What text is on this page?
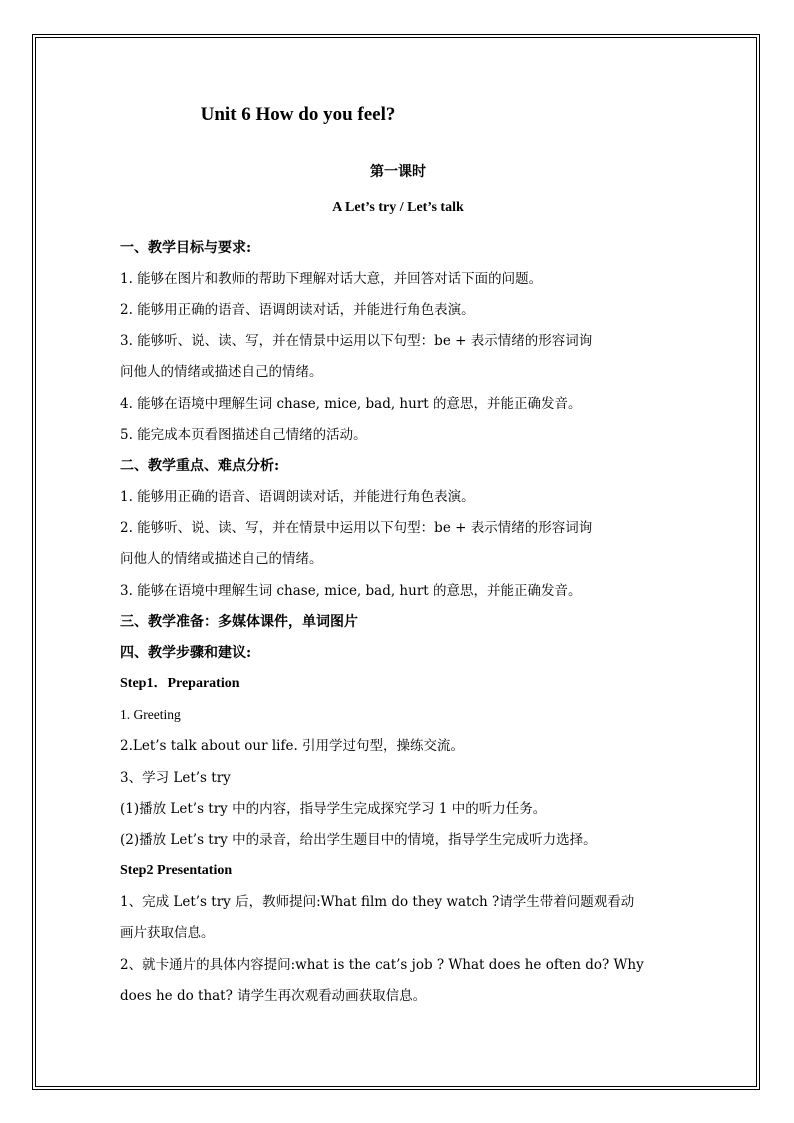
Unit 6 How do you feel?
第一课时
A Let’s try / Let’s talk
一、教学目标与要求:
1. 能够在图片和教师的帮助下理解对话大意，并回答对话下面的问题。
2. 能够用正确的语音、语调朗读对话，并能进行角色表演。
3. 能够听、说、读、写，并在情景中运用以下句型：be + 表示情绪的形容词询
问他人的情绪或描述自己的情绪。
4. 能够在语境中理解生词 chase, mice, bad, hurt 的意思，并能正确发音。
5. 能完成本页看图描述自己情绪的活动。
二、教学重点、难点分析:
1. 能够用正确的语音、语调朗读对话，并能进行角色表演。
2. 能够听、说、读、写，并在情景中运用以下句型：be + 表示情绪的形容词询
问他人的情绪或描述自己的情绪。
3. 能够在语境中理解生词 chase, mice, bad, hurt 的意思，并能正确发音。
三、教学准备：多媒体课件，单词图片
四、教学步骤和建议:
Step1．Preparation
1. Greeting
2.Let’s talk about our life. 引用学过句型，操练交流。
3、学习 Let’s try
(1)播放 Let’s try 中的内容，指导学生完成探究学习 1 中的听力任务。
(2)播放 Let’s try 中的录音，给出学生题目中的情境，指导学生完成听力选择。
Step2 Presentation
1、完成 Let’s try 后，教师提问:What film do they watch ?请学生带着问题观看动
画片获取信息。
2、就卡通片的具体内容提问:what is the cat’s job ? What does he often do? Why
does he do that? 请学生再次观看动画获取信息。
